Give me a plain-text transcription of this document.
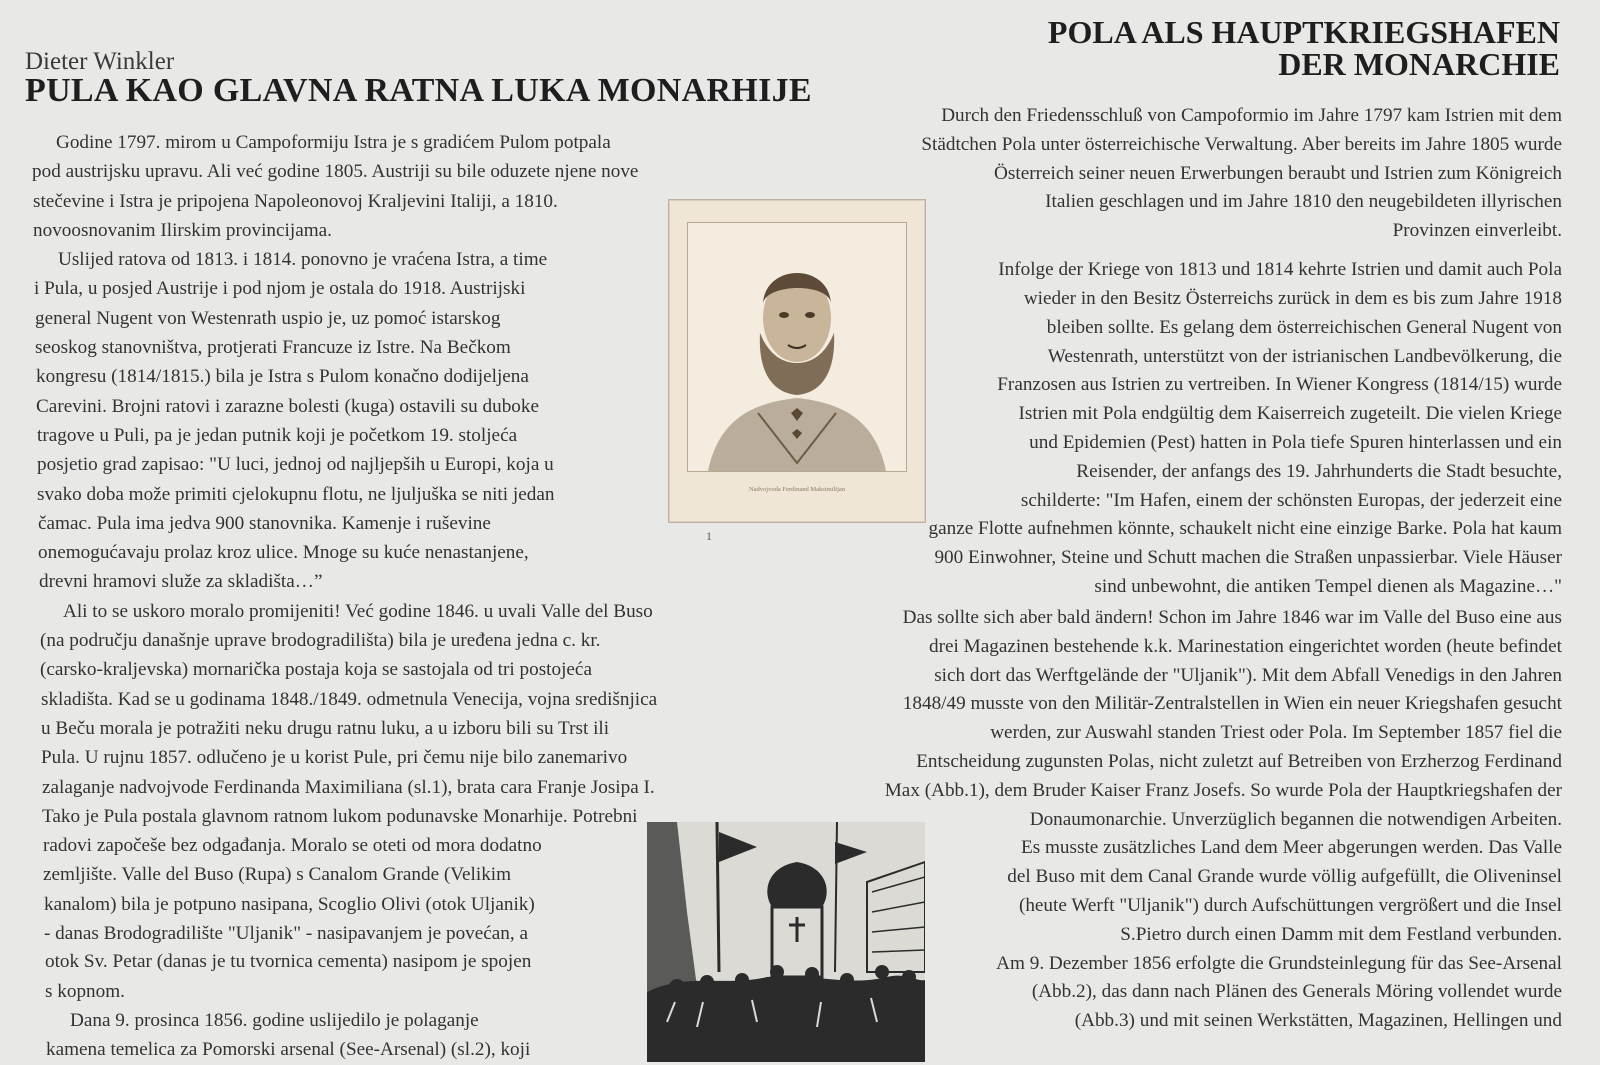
Dieter Winkler
PULA KAO GLAVNA RATNA LUKA MONARHIJE
POLA ALS HAUPTKRIEGSHAFEN
DER MONARCHIE
Godine 1797. mirom u Campoformiju Istra je s gradićem Pulom potpala
pod austrijsku upravu. Ali već godine 1805. Austriji su bile oduzete njene nove
stečevine i Istra je pripojena Napoleonovoj Kraljevini Italiji, a 1810.
novoosnovanim Ilirskim provincijama.
Uslijed ratova od 1813. i 1814. ponovno je vraćena Istra, a time
i Pula, u posjed Austrije i pod njom je ostala do 1918. Austrijski
general Nugent von Westenrath uspio je, uz pomoć istarskog
seoskog stanovništva, protjerati Francuze iz Istre. Na Bečkom
kongresu (1814/1815.) bila je Istra s Pulom konačno dodijeljena
Carevini. Brojni ratovi i zarazne bolesti (kuga) ostavili su duboke
tragove u Puli, pa je jedan putnik koji je početkom 19. stoljeća
posjetio grad zapisao: "U luci, jednoj od najljepših u Europi, koja u
svako doba može primiti cjelokupnu flotu, ne ljuljuška se niti jedan
čamac. Pula ima jedva 900 stanovnika. Kamenje i ruševine
onemogućavaju prolaz kroz ulice. Mnoge su kuće nenastanjene,
drevni hramovi služe za skladišta…”
Ali to se uskoro moralo promijeniti! Već godine 1846. u uvali Valle del Buso
(na području današnje uprave brodogradilišta) bila je uređena jedna c. kr.
(carsko-kraljevska) mornarička postaja koja se sastojala od tri postojeća
skladišta. Kad se u godinama 1848./1849. odmetnula Venecija, vojna središnjica
u Beču morala je potražiti neku drugu ratnu luku, a u izboru bili su Trst ili
Pula. U rujnu 1857. odlučeno je u korist Pule, pri čemu nije bilo zanemarivo
zalaganje nadvojvode Ferdinanda Maximiliana (sl.1), brata cara Franje Josipa I.
Tako je Pula postala glavnom ratnom lukom podunavske Monarhije. Potrebni
radovi započeše bez odgađanja. Moralo se oteti od mora dodatno
zemljište. Valle del Buso (Rupa) s Canalom Grande (Velikim
kanalom) bila je potpuno nasipana, Scoglio Olivi (otok Uljanik)
- danas Brodogradilište "Uljanik" - nasipavanjem je povećan, a
otok Sv. Petar (danas je tu tvornica cementa) nasipom je spojen
s kopnom.
Dana 9. prosinca 1856. godine uslijedilo je polaganje
kamena temelica za Pomorski arsenal (See-Arsenal) (sl.2), koji
Durch den Friedensschluß von Campoformio im Jahre 1797 kam Istrien mit dem
Städtchen Pola unter österreichische Verwaltung. Aber bereits im Jahre 1805 wurde
Österreich seiner neuen Erwerbungen beraubt und Istrien zum Königreich
Italien geschlagen und im Jahre 1810 den neugebildeten illyrischen
Provinzen einverleibt.
Infolge der Kriege von 1813 und 1814 kehrte Istrien und damit auch Pola
wieder in den Besitz Österreichs zurück in dem es bis zum Jahre 1918
bleiben sollte. Es gelang dem österreichischen General Nugent von
Westenrath, unterstützt von der istrianischen Landbevölkerung, die
Franzosen aus Istrien zu vertreiben. In Wiener Kongress (1814/15) wurde
Istrien mit Pola endgültig dem Kaiserreich zugeteilt. Die vielen Kriege
und Epidemien (Pest) hatten in Pola tiefe Spuren hinterlassen und ein
Reisender, der anfangs des 19. Jahrhunderts die Stadt besuchte,
schilderte: "Im Hafen, einem der schönsten Europas, der jederzeit eine
ganze Flotte aufnehmen könnte, schaukelt nicht eine einzige Barke. Pola hat kaum
900 Einwohner, Steine und Schutt machen die Straßen unpassierbar. Viele Häuser
sind unbewohnt, die antiken Tempel dienen als Magazine…"
Das sollte sich aber bald ändern! Schon im Jahre 1846 war im Valle del Buso eine aus
drei Magazinen bestehende k.k. Marinestation eingerichtet worden (heute befindet
sich dort das Werftgelände der "Uljanik"). Mit dem Abfall Venedigs in den Jahren
1848/49 musste von den Militär-Zentralstellen in Wien ein neuer Kriegshafen gesucht
werden, zur Auswahl standen Triest oder Pola. Im September 1857 fiel die
Entscheidung zugunsten Polas, nicht zuletzt auf Betreiben von Erzherzog Ferdinand
Max (Abb.1), dem Bruder Kaiser Franz Josefs. So wurde Pola der Hauptkriegshafen der
Donaumonarchie. Unverzüglich begannen die notwendigen Arbeiten.
Es musste zusätzliches Land dem Meer abgerungen werden. Das Valle
del Buso mit dem Canal Grande wurde völlig aufgefüllt, die Oliveninsel
(heute Werft "Uljanik") durch Aufschüttungen vergrößert und die Insel
S.Pietro durch einen Damm mit dem Festland verbunden.
Am 9. Dezember 1856 erfolgte die Grundsteinlegung für das See-Arsenal
(Abb.2), das dann nach Plänen des Generals Möring vollendet wurde
(Abb.3) und mit seinen Werkstätten, Magazinen, Hellingen und
Nadvojvoda Ferdinand Maksimilijan
1
